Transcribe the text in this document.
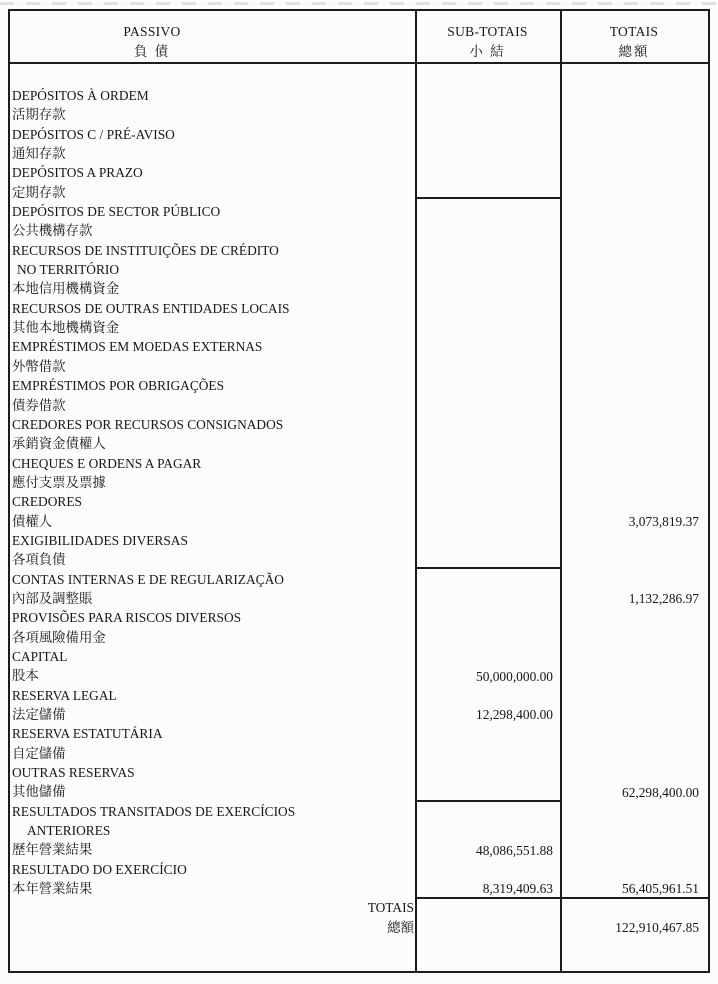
PASSIVO
負 債
SUB-TOTAIS
小 結
TOTAIS
總額
DEPÓSITOS À ORDEM
活期存款
DEPÓSITOS C / PRÉ-AVISO
通知存款
DEPÓSITOS A PRAZO
定期存款
DEPÓSITOS DE SECTOR PÚBLICO
公共機構存款
RECURSOS DE INSTITUIÇÕES DE CRÉDITO
NO TERRITÓRIO
本地信用機構資金
RECURSOS DE OUTRAS ENTIDADES LOCAIS
其他本地機構資金
EMPRÉSTIMOS EM MOEDAS EXTERNAS
外幣借款
EMPRÉSTIMOS POR OBRIGAÇÕES
債券借款
CREDORES POR RECURSOS CONSIGNADOS
承銷資金債權人
CHEQUES E ORDENS A PAGAR
應付支票及票據
CREDORES
債權人
EXIGIBILIDADES DIVERSAS
各項負債
CONTAS INTERNAS E DE REGULARIZAÇÃO
內部及調整賬
PROVISÕES PARA RISCOS DIVERSOS
各項風險備用金
CAPITAL
股本
RESERVA LEGAL
法定儲備
RESERVA ESTATUTÁRIA
自定儲備
OUTRAS RESERVAS
其他儲備
RESULTADOS TRANSITADOS DE EXERCÍCIOS
ANTERIORES
歷年營業結果
RESULTADO DO EXERCÍCIO
本年營業結果
TOTAIS
總額
3,073,819.37
1,132,286.97
50,000,000.00
12,298,400.00
62,298,400.00
48,086,551.88
8,319,409.63	56,405,961.51
122,910,467.85
